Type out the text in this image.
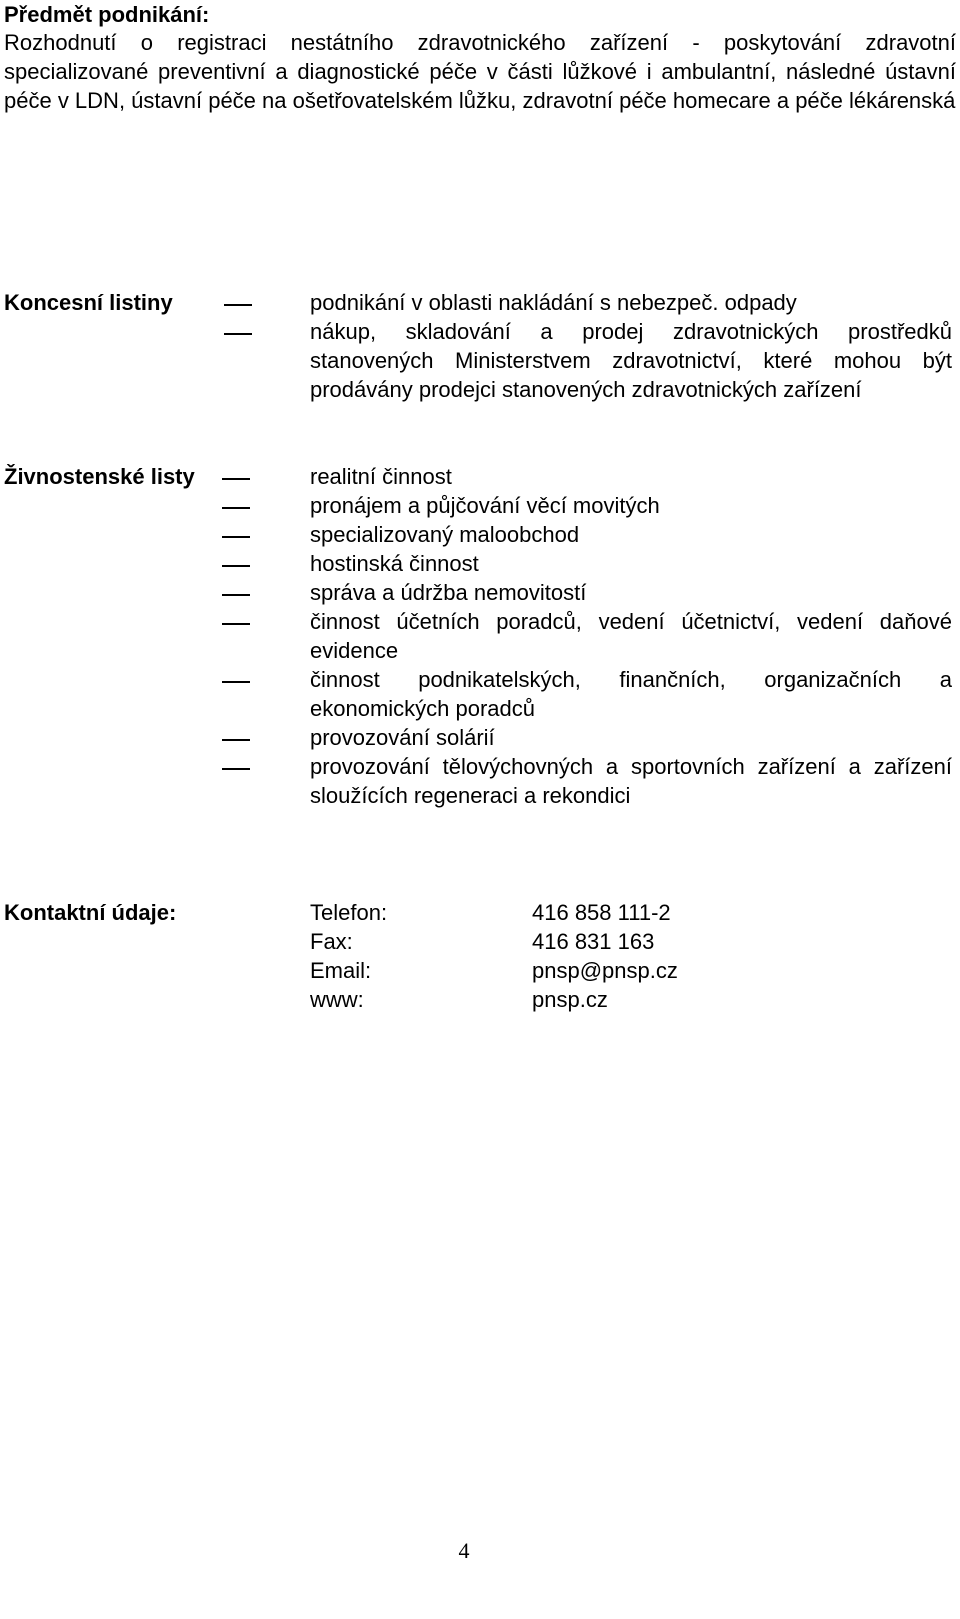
Předmět podnikání:
Rozhodnutí o registraci nestátního zdravotnického zařízení - poskytování zdravotní specializované preventivní a diagnostické péče v části lůžkové i ambulantní, následné ústavní péče v LDN, ústavní péče na ošetřovatelském lůžku, zdravotní péče homecare a péče lékárenská
Koncesní listiny	podnikání v oblasti nakládání s nebezpeč. odpady
nákup, skladování a prodej zdravotnických prostředků stanovených Ministerstvem zdravotnictví, které mohou být prodávány prodejci stanovených zdravotnických zařízení
Živnostenské listy	realitní činnost
pronájem a půjčování věcí movitých
specializovaný maloobchod
hostinská činnost
správa a údržba nemovitostí
činnost účetních poradců, vedení účetnictví, vedení daňové evidence
činnost podnikatelských, finančních, organizačních a ekonomických poradců
provozování solárií
provozování tělovýchovných a sportovních zařízení a zařízení sloužících regeneraci a rekondici
Kontaktní údaje:	Telefon:	416 858 111-2
Fax:	416 831 163
Email:	pnsp@pnsp.cz
www:	pnsp.cz
4
